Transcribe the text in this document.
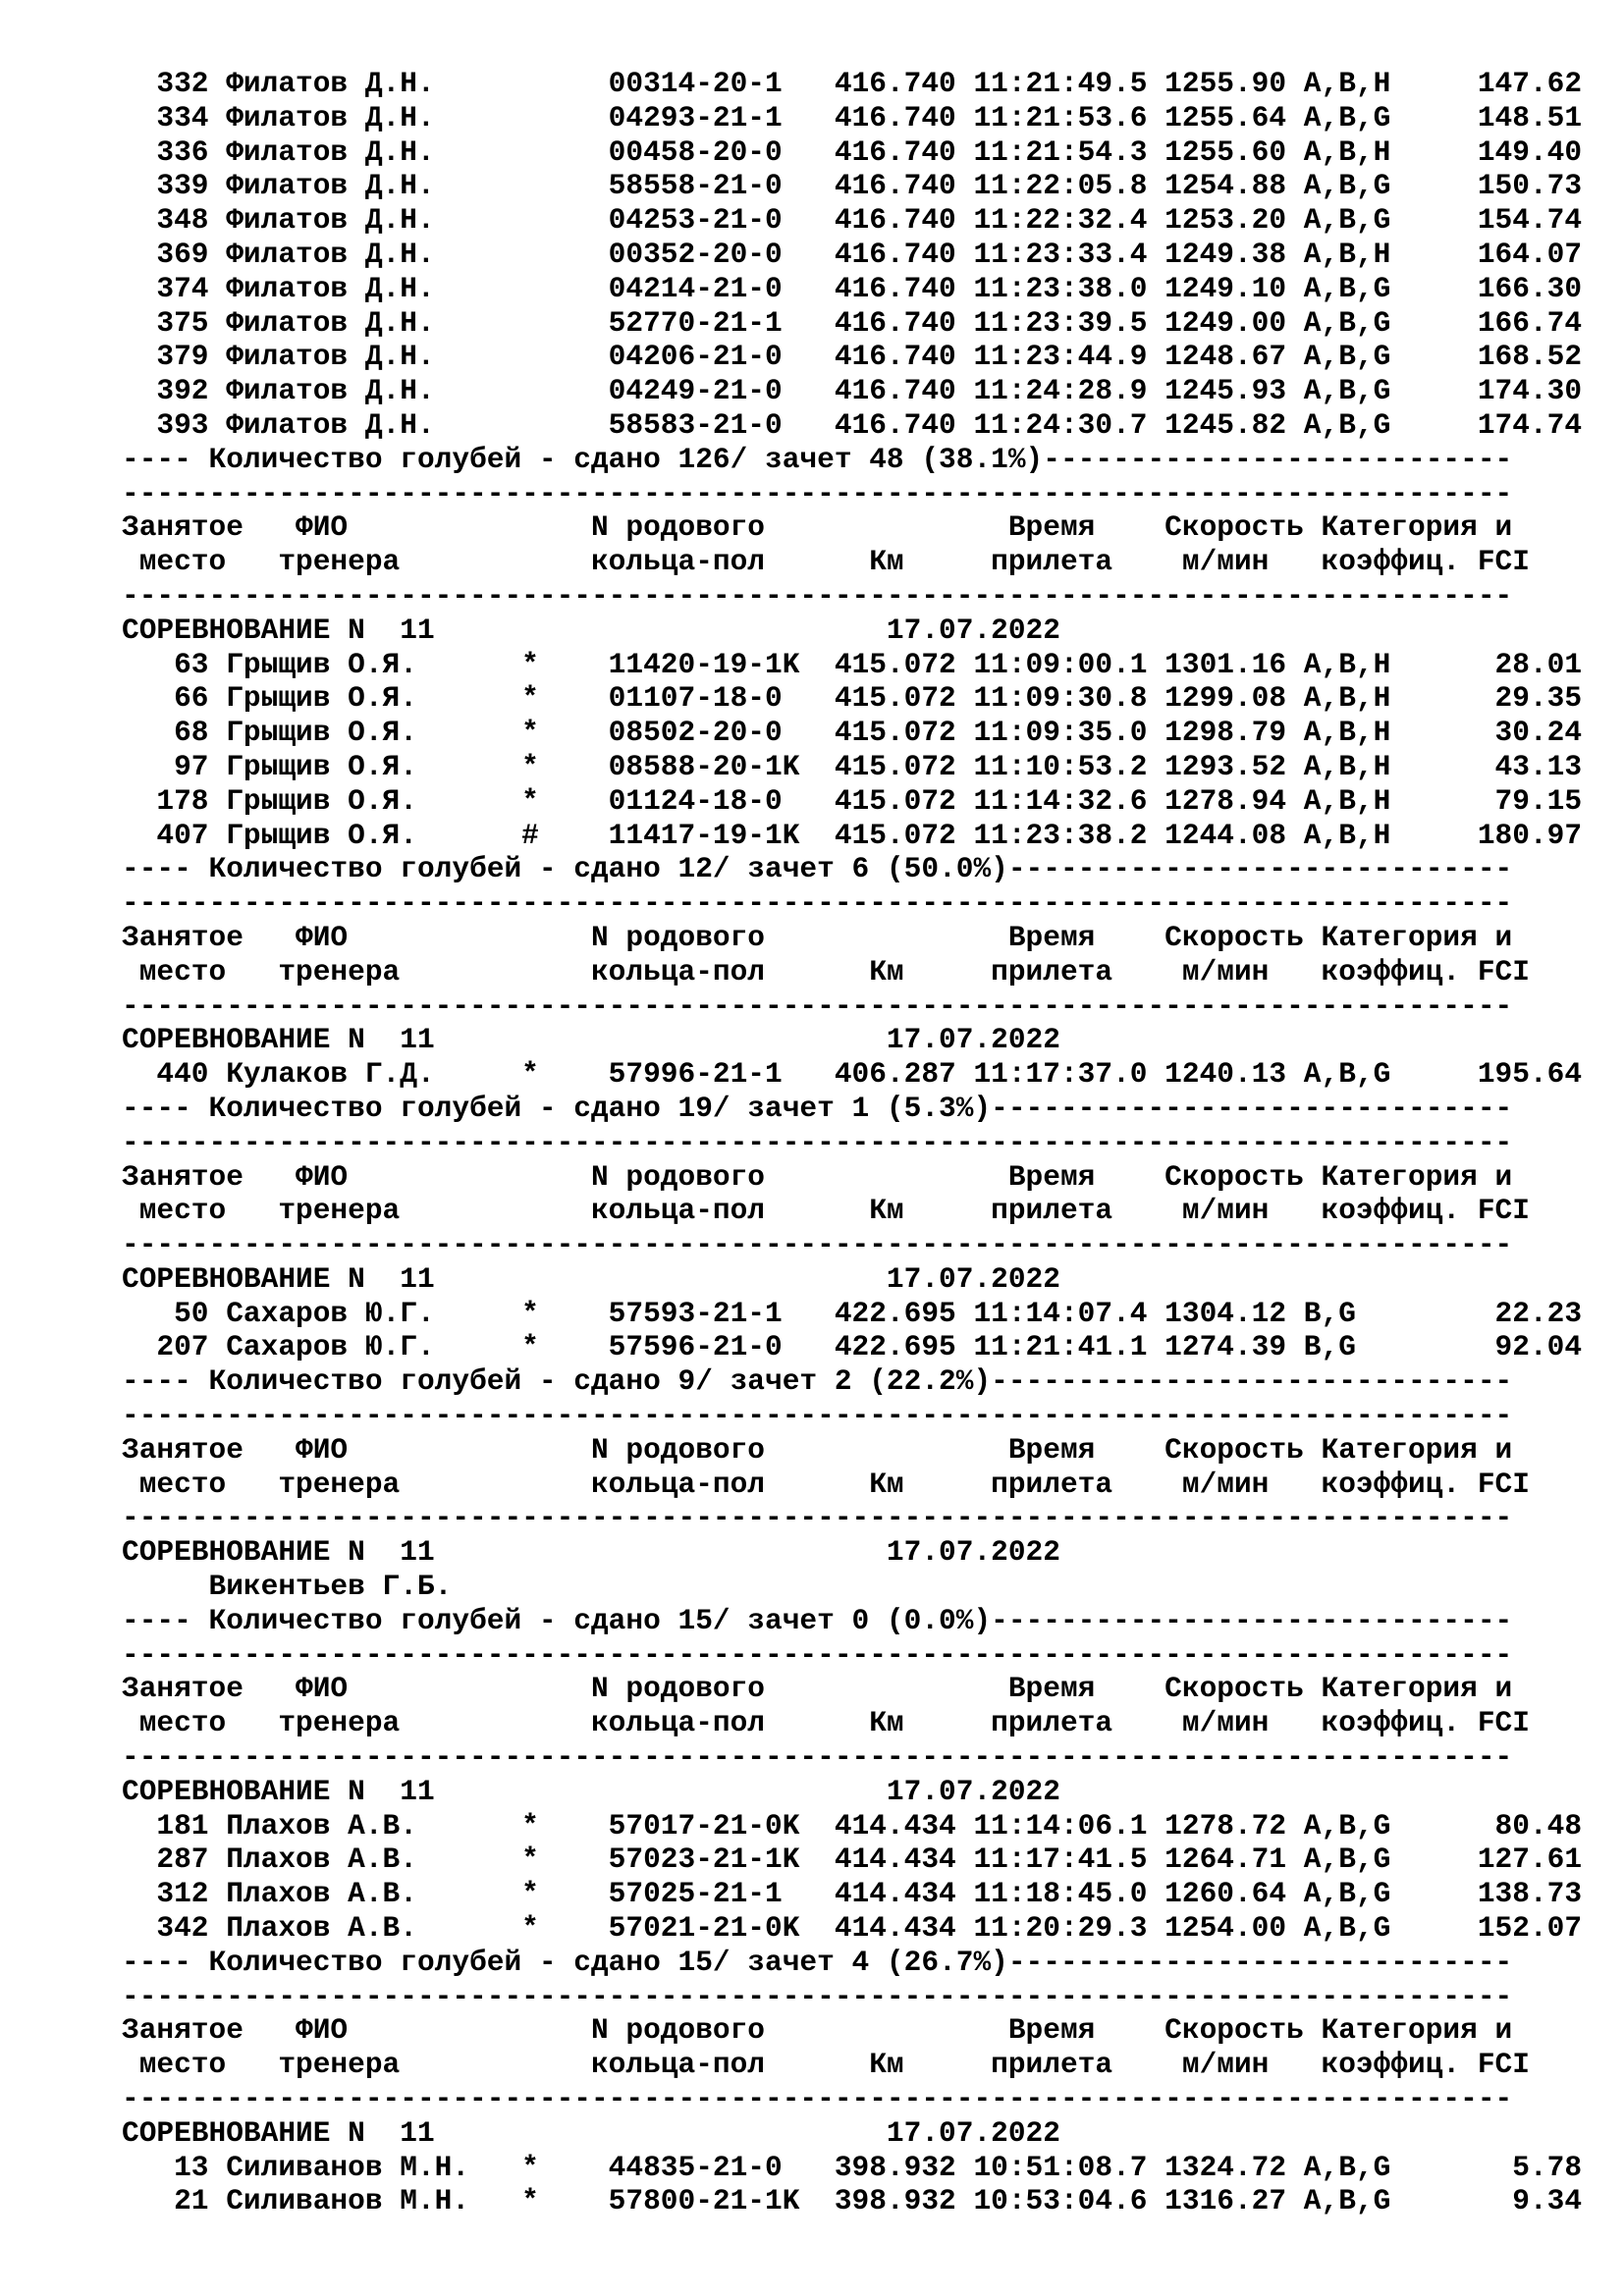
332 Филатов Д.Н.          00314-20-1   416.740 11:21:49.5 1255.90 A,B,H     147.62
334 Филатов Д.Н.          04293-21-1   416.740 11:21:53.6 1255.64 A,B,G     148.51
336 Филатов Д.Н.          00458-20-0   416.740 11:21:54.3 1255.60 A,B,H     149.40
339 Филатов Д.Н.          58558-21-0   416.740 11:22:05.8 1254.88 A,B,G     150.73
348 Филатов Д.Н.          04253-21-0   416.740 11:22:32.4 1253.20 A,B,G     154.74
369 Филатов Д.Н.          00352-20-0   416.740 11:23:33.4 1249.38 A,B,H     164.07
374 Филатов Д.Н.          04214-21-0   416.740 11:23:38.0 1249.10 A,B,G     166.30
375 Филатов Д.Н.          52770-21-1   416.740 11:23:39.5 1249.00 A,B,G     166.74
379 Филатов Д.Н.          04206-21-0   416.740 11:23:44.9 1248.67 A,B,G     168.52
392 Филатов Д.Н.          04249-21-0   416.740 11:24:28.9 1245.93 A,B,G     174.30
393 Филатов Д.Н.          58583-21-0   416.740 11:24:30.7 1245.82 A,B,G     174.74
---- Количество голубей - сдано 126/ зачет 48 (38.1%)---------------------------
--------------------------------------------------------------------------------
Занятое   ФИО              N родового              Время    Скорость Категория и
место   тренера           кольца-пол      Км     прилета    м/мин   коэффиц. FCI
--------------------------------------------------------------------------------
СОРЕВНОВАНИЕ N  11                          17.07.2022
63 Грыщив О.Я.      *    11420-19-1K  415.072 11:09:00.1 1301.16 A,B,H      28.01
66 Грыщив О.Я.      *    01107-18-0   415.072 11:09:30.8 1299.08 A,B,H      29.35
68 Грыщив О.Я.      *    08502-20-0   415.072 11:09:35.0 1298.79 A,B,H      30.24
97 Грыщив О.Я.      *    08588-20-1K  415.072 11:10:53.2 1293.52 A,B,H      43.13
178 Грыщив О.Я.      *    01124-18-0   415.072 11:14:32.6 1278.94 A,B,H      79.15
407 Грыщив О.Я.      #    11417-19-1K  415.072 11:23:38.2 1244.08 A,B,H     180.97
---- Количество голубей - сдано 12/ зачет 6 (50.0%)-----------------------------
--------------------------------------------------------------------------------
Занятое   ФИО              N родового              Время    Скорость Категория и
место   тренера           кольца-пол      Км     прилета    м/мин   коэффиц. FCI
--------------------------------------------------------------------------------
СОРЕВНОВАНИЕ N  11                          17.07.2022
440 Кулаков Г.Д.     *    57996-21-1   406.287 11:17:37.0 1240.13 A,B,G     195.64
---- Количество голубей - сдано 19/ зачет 1 (5.3%)------------------------------
--------------------------------------------------------------------------------
Занятое   ФИО              N родового              Время    Скорость Категория и
место   тренера           кольца-пол      Км     прилета    м/мин   коэффиц. FCI
--------------------------------------------------------------------------------
СОРЕВНОВАНИЕ N  11                          17.07.2022
50 Сахаров Ю.Г.     *    57593-21-1   422.695 11:14:07.4 1304.12 B,G        22.23
207 Сахаров Ю.Г.     *    57596-21-0   422.695 11:21:41.1 1274.39 B,G        92.04
---- Количество голубей - сдано 9/ зачет 2 (22.2%)------------------------------
--------------------------------------------------------------------------------
Занятое   ФИО              N родового              Время    Скорость Категория и
место   тренера           кольца-пол      Км     прилета    м/мин   коэффиц. FCI
--------------------------------------------------------------------------------
СОРЕВНОВАНИЕ N  11                          17.07.2022
Викентьев Г.Б.
---- Количество голубей - сдано 15/ зачет 0 (0.0%)------------------------------
--------------------------------------------------------------------------------
Занятое   ФИО              N родового              Время    Скорость Категория и
место   тренера           кольца-пол      Км     прилета    м/мин   коэффиц. FCI
--------------------------------------------------------------------------------
СОРЕВНОВАНИЕ N  11                          17.07.2022
181 Плахов А.В.      *    57017-21-0K  414.434 11:14:06.1 1278.72 A,B,G      80.48
287 Плахов А.В.      *    57023-21-1K  414.434 11:17:41.5 1264.71 A,B,G     127.61
312 Плахов А.В.      *    57025-21-1   414.434 11:18:45.0 1260.64 A,B,G     138.73
342 Плахов А.В.      *    57021-21-0K  414.434 11:20:29.3 1254.00 A,B,G     152.07
---- Количество голубей - сдано 15/ зачет 4 (26.7%)-----------------------------
--------------------------------------------------------------------------------
Занятое   ФИО              N родового              Время    Скорость Категория и
место   тренера           кольца-пол      Км     прилета    м/мин   коэффиц. FCI
--------------------------------------------------------------------------------
СОРЕВНОВАНИЕ N  11                          17.07.2022
13 Силиванов М.Н.   *    44835-21-0   398.932 10:51:08.7 1324.72 A,B,G       5.78
21 Силиванов М.Н.   *    57800-21-1K  398.932 10:53:04.6 1316.27 A,B,G       9.34
